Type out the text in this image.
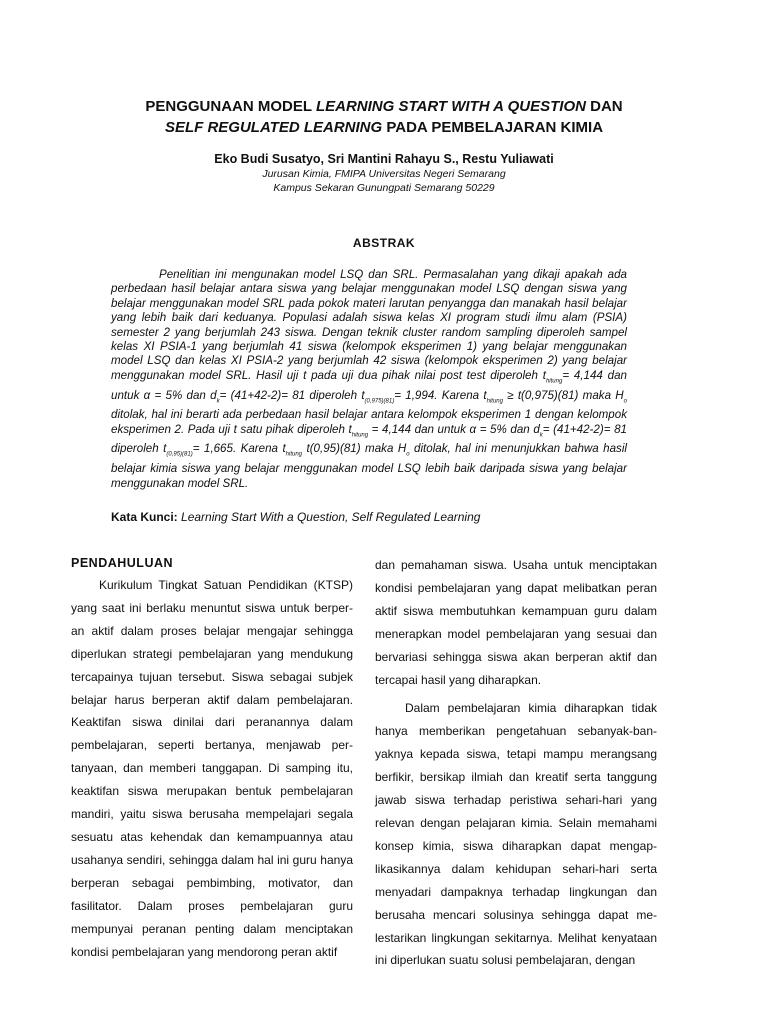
PENGGUNAAN MODEL LEARNING START WITH A QUESTION DAN
SELF REGULATED LEARNING PADA PEMBELAJARAN KIMIA
Eko Budi Susatyo, Sri Mantini Rahayu S., Restu Yuliawati
Jurusan Kimia, FMIPA Universitas Negeri Semarang
Kampus Sekaran Gunungpati Semarang 50229
ABSTRAK

Penelitian ini mengunakan model LSQ dan SRL. Permasalahan yang dikaji apakah ada perbedaan hasil belajar antara siswa yang belajar menggunakan model LSQ dengan siswa yang belajar menggunakan model SRL pada pokok materi larutan penyangga dan manakah hasil belajar yang lebih baik dari keduanya. Populasi adalah siswa kelas XI program studi ilmu alam (PSIA) semester 2 yang berjumlah 243 siswa. Dengan teknik cluster random sampling diperoleh sampel kelas XI PSIA-1 yang berjumlah 41 siswa (kelompok eksperimen 1) yang belajar menggunakan model LSQ dan kelas XI PSIA-2 yang berjumlah 42 siswa (kelompok eksperimen 2) yang belajar menggunakan model SRL. Hasil uji t pada uji dua pihak nilai post test diperoleh $t_{hitung}= 4,144$ dan untuk α = 5% dan $d_k= (41+42-2)= 81$ diperoleh $t_{(0,975)(81)}= 1,994$. Karena $t_{hitung} \ge t(0,975)(81)$ maka $H_o$ ditolak, hal ini berarti ada perbedaan hasil belajar antara kelompok eksperimen 1 dengan kelompok eksperimen 2. Pada uji t satu pihak diperoleh $t_{hitung} = 4,144$ dan untuk α = 5% dan $d_k= (41+42-2)= 81$ diperoleh $t_{(0,95)(81)}= 1,665$. Karena $t_{hitung}$ t(0,95)(81) maka $H_o$ ditolak, hal ini menunjukkan bahwa hasil belajar kimia siswa yang belajar menggunakan model LSQ lebih baik daripada siswa yang belajar menggunakan model SRL.

Kata Kunci: Learning Start With a Question, Self Regulated Learning
PENDAHULUAN

Kurikulum Tingkat Satuan Pendidikan (KTSP) yang saat ini berlaku menuntut siswa untuk berper-an aktif dalam proses belajar mengajar sehingga diperlukan strategi pembelajaran yang mendukung tercapainya tujuan tersebut. Siswa sebagai subjek belajar harus berperan aktif dalam pembelajaran. Keaktifan siswa dinilai dari peranannya dalam pembelajaran, seperti bertanya, menjawab per-tanyaan, dan memberi tanggapan. Di samping itu, keaktifan siswa merupakan bentuk pembelajaran mandiri, yaitu siswa berusaha mempelajari segala sesuatu atas kehendak dan kemampuannya atau usahanya sendiri, sehingga dalam hal ini guru hanya berperan sebagai pembimbing, motivator, dan fasilitator. Dalam proses pembelajaran guru mempunyai peranan penting dalam menciptakan kondisi pembelajaran yang mendorong peran aktif

dan pemahaman siswa. Usaha untuk menciptakan kondisi pembelajaran yang dapat melibatkan peran aktif siswa membutuhkan kemampuan guru dalam menerapkan model pembelajaran yang sesuai dan bervariasi sehingga siswa akan berperan aktif dan tercapai hasil yang diharapkan.

Dalam pembelajaran kimia diharapkan tidak hanya memberikan pengetahuan sebanyak-ban-yaknya kepada siswa, tetapi mampu merangsang berfikir, bersikap ilmiah dan kreatif serta tanggung jawab siswa terhadap peristiwa sehari-hari yang relevan dengan pelajaran kimia. Selain memahami konsep kimia, siswa diharapkan dapat mengap-likasikannya dalam kehidupan sehari-hari serta menyadari dampaknya terhadap lingkungan dan berusaha mencari solusinya sehingga dapat me-lestarikan lingkungan sekitarnya. Melihat kenyataan ini diperlukan suatu solusi pembelajaran, dengan
